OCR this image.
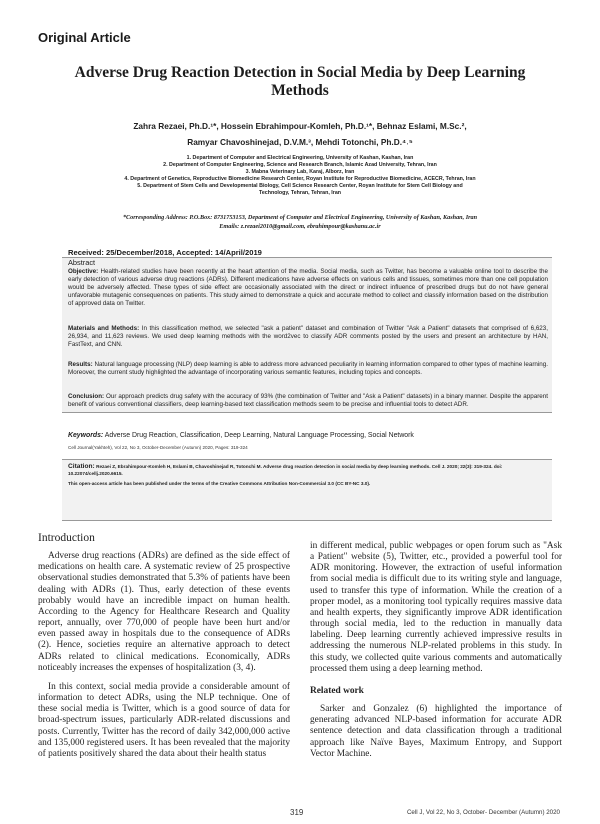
Original Article
Adverse Drug Reaction Detection in Social Media by Deep Learning Methods
Zahra Rezaei, Ph.D.¹*, Hossein Ebrahimpour-Komleh, Ph.D.¹*, Behnaz Eslami, M.Sc.²,
Ramyar Chavoshinejad, D.V.M.³, Mehdi Totonchi, Ph.D.⁴˒⁵
1. Department of Computer and Electrical Engineering, University of Kashan, Kashan, Iran
2. Department of Computer Engineering, Science and Research Branch, Islamic Azad University, Tehran, Iran
3. Mabna Veterinary Lab, Karaj, Alborz, Iran
4. Department of Genetics, Reproductive Biomedicine Research Center, Royan Institute for Reproductive Biomedicine, ACECR, Tehran, Iran
5. Department of Stem Cells and Developmental Biology, Cell Science Research Center, Royan Institute for Stem Cell Biology and
Technology, Tehran, Tehran, Iran
*Corresponding Address: P.O.Box: 8731753153, Department of Computer and Electrical Engineering, University of Kashan, Kashan, Iran
Emails: z.rezaei2010@gmail.com, ebrahimpour@kashanu.ac.ir
Received: 25/December/2018, Accepted: 14/April/2019
Abstract
Objective: Health-related studies have been recently at the heart attention of the media. Social media, such as Twitter, has become a valuable online tool to describe the early detection of various adverse drug reactions (ADRs). Different medications have adverse effects on various cells and tissues, sometimes more than one cell population would be adversely affected. These types of side effect are occasionally associated with the direct or indirect influence of prescribed drugs but do not have general unfavorable mutagenic consequences on patients. This study aimed to demonstrate a quick and accurate method to collect and classify information based on the distribution of approved data on Twitter.
Materials and Methods: In this classification method, we selected "ask a patient" dataset and combination of Twitter "Ask a Patient" datasets that comprised of 6,623, 26,934, and 11,623 reviews. We used deep learning methods with the word2vec to classify ADR comments posted by the users and present an architecture by HAN, FastText, and CNN.
Results: Natural language processing (NLP) deep learning is able to address more advanced peculiarity in learning information compared to other types of machine learning. Moreover, the current study highlighted the advantage of incorporating various semantic features, including topics and concepts.
Conclusion: Our approach predicts drug safety with the accuracy of 93% (the combination of Twitter and "Ask a Patient" datasets) in a binary manner. Despite the apparent benefit of various conventional classifiers, deep learning-based text classification methods seem to be precise and influential tools to detect ADR.
Keywords: Adverse Drug Reaction, Classification, Deep Learning, Natural Language Processing, Social Network
Cell Journal(Yakhteh), Vol 22, No 3, October-December (Autumn) 2020, Pages: 319-324
Citation: Rezaei Z, Ebrahimpour-Komleh H, Eslami B, Chavoshinejad R, Totonchi M. Adverse drug reaction detection in social media by deep learning methods. Cell J. 2020; 22(3): 319-324. doi: 10.22074/cellj.2020.6615.
This open-access article has been published under the terms of the Creative Commons Attribution Non-Commercial 3.0 (CC BY-NC 3.0).
Introduction

Adverse drug reactions (ADRs) are defined as the side effect of medications on health care. A systematic review of 25 prospective observational studies demonstrated that 5.3% of patients have been dealing with ADRs (1). Thus, early detection of these events probably would have an incredible impact on human health. According to the Agency for Healthcare Research and Quality report, annually, over 770,000 of people have been hurt and/or even passed away in hospitals due to the consequence of ADRs (2). Hence, societies require an alternative approach to detect ADRs related to clinical medications. Economically, ADRs noticeably increases the expenses of hospitalization (3, 4).

In this context, social media provide a considerable amount of information to detect ADRs, using the NLP technique. One of these social media is Twitter, which is a good source of data for broad-spectrum issues, particularly ADR-related discussions and posts. Currently, Twitter has the record of daily 342,000,000 active and 135,000 registered users. It has been revealed that the majority of patients positively shared the data about their health status

in different medical, public webpages or open forum such as "Ask a Patient" website (5), Twitter, etc., provided a powerful tool for ADR monitoring. However, the extraction of useful information from social media is difficult due to its writing style and language, used to transfer this type of information. While the creation of a proper model, as a monitoring tool typically requires massive data and health experts, they significantly improve ADR identification through social media, led to the reduction in manually data labeling. Deep learning currently achieved impressive results in addressing the numerous NLP-related problems in this study. In this study, we collected quite various comments and automatically processed them using a deep learning method.

Related work

Sarker and Gonzalez (6) highlighted the importance of generating advanced NLP-based information for accurate ADR sentence detection and data classification through a traditional approach like Naïve Bayes, Maximum Entropy, and Support Vector Machine.

319	Cell J, Vol 22, No 3, October- December (Autumn) 2020
